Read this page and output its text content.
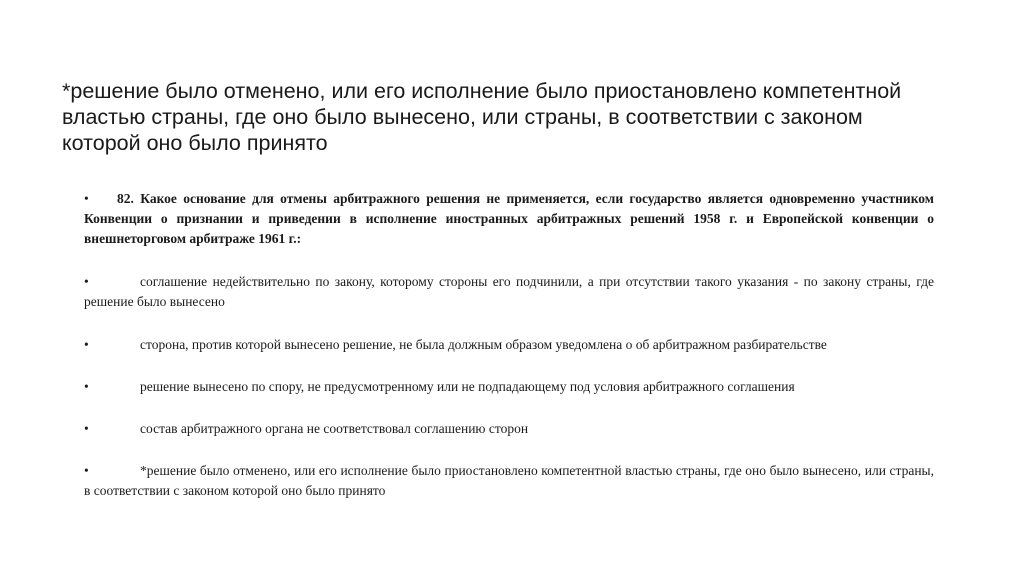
*решение было отменено, или его исполнение было приостановлено компетентной властью страны, где оно было вынесено, или страны, в соответствии с законом которой оно было принято

• 82. Какое основание для отмены арбитражного решения не применяется, если государство является одновременно участником Конвенции о признании и приведении в исполнение иностранных арбитражных решений 1958 г. и Европейской конвенции о внешнеторговом арбитраже 1961 г.:

•	соглашение недействительно по закону, которому стороны его подчинили, а при отсутствии такого указания - по закону страны, где решение было вынесено
•	сторона, против которой вынесено решение, не была должным образом уведомлена о об арбитражном разбирательстве
•	решение вынесено по спору, не предусмотренному или не подпадающему под условия арбитражного соглашения
•	состав арбитражного органа не соответствовал соглашению сторон
•	*решение было отменено, или его исполнение было приостановлено компетентной властью страны, где оно было вынесено, или страны, в соответствии с законом которой оно было принято
